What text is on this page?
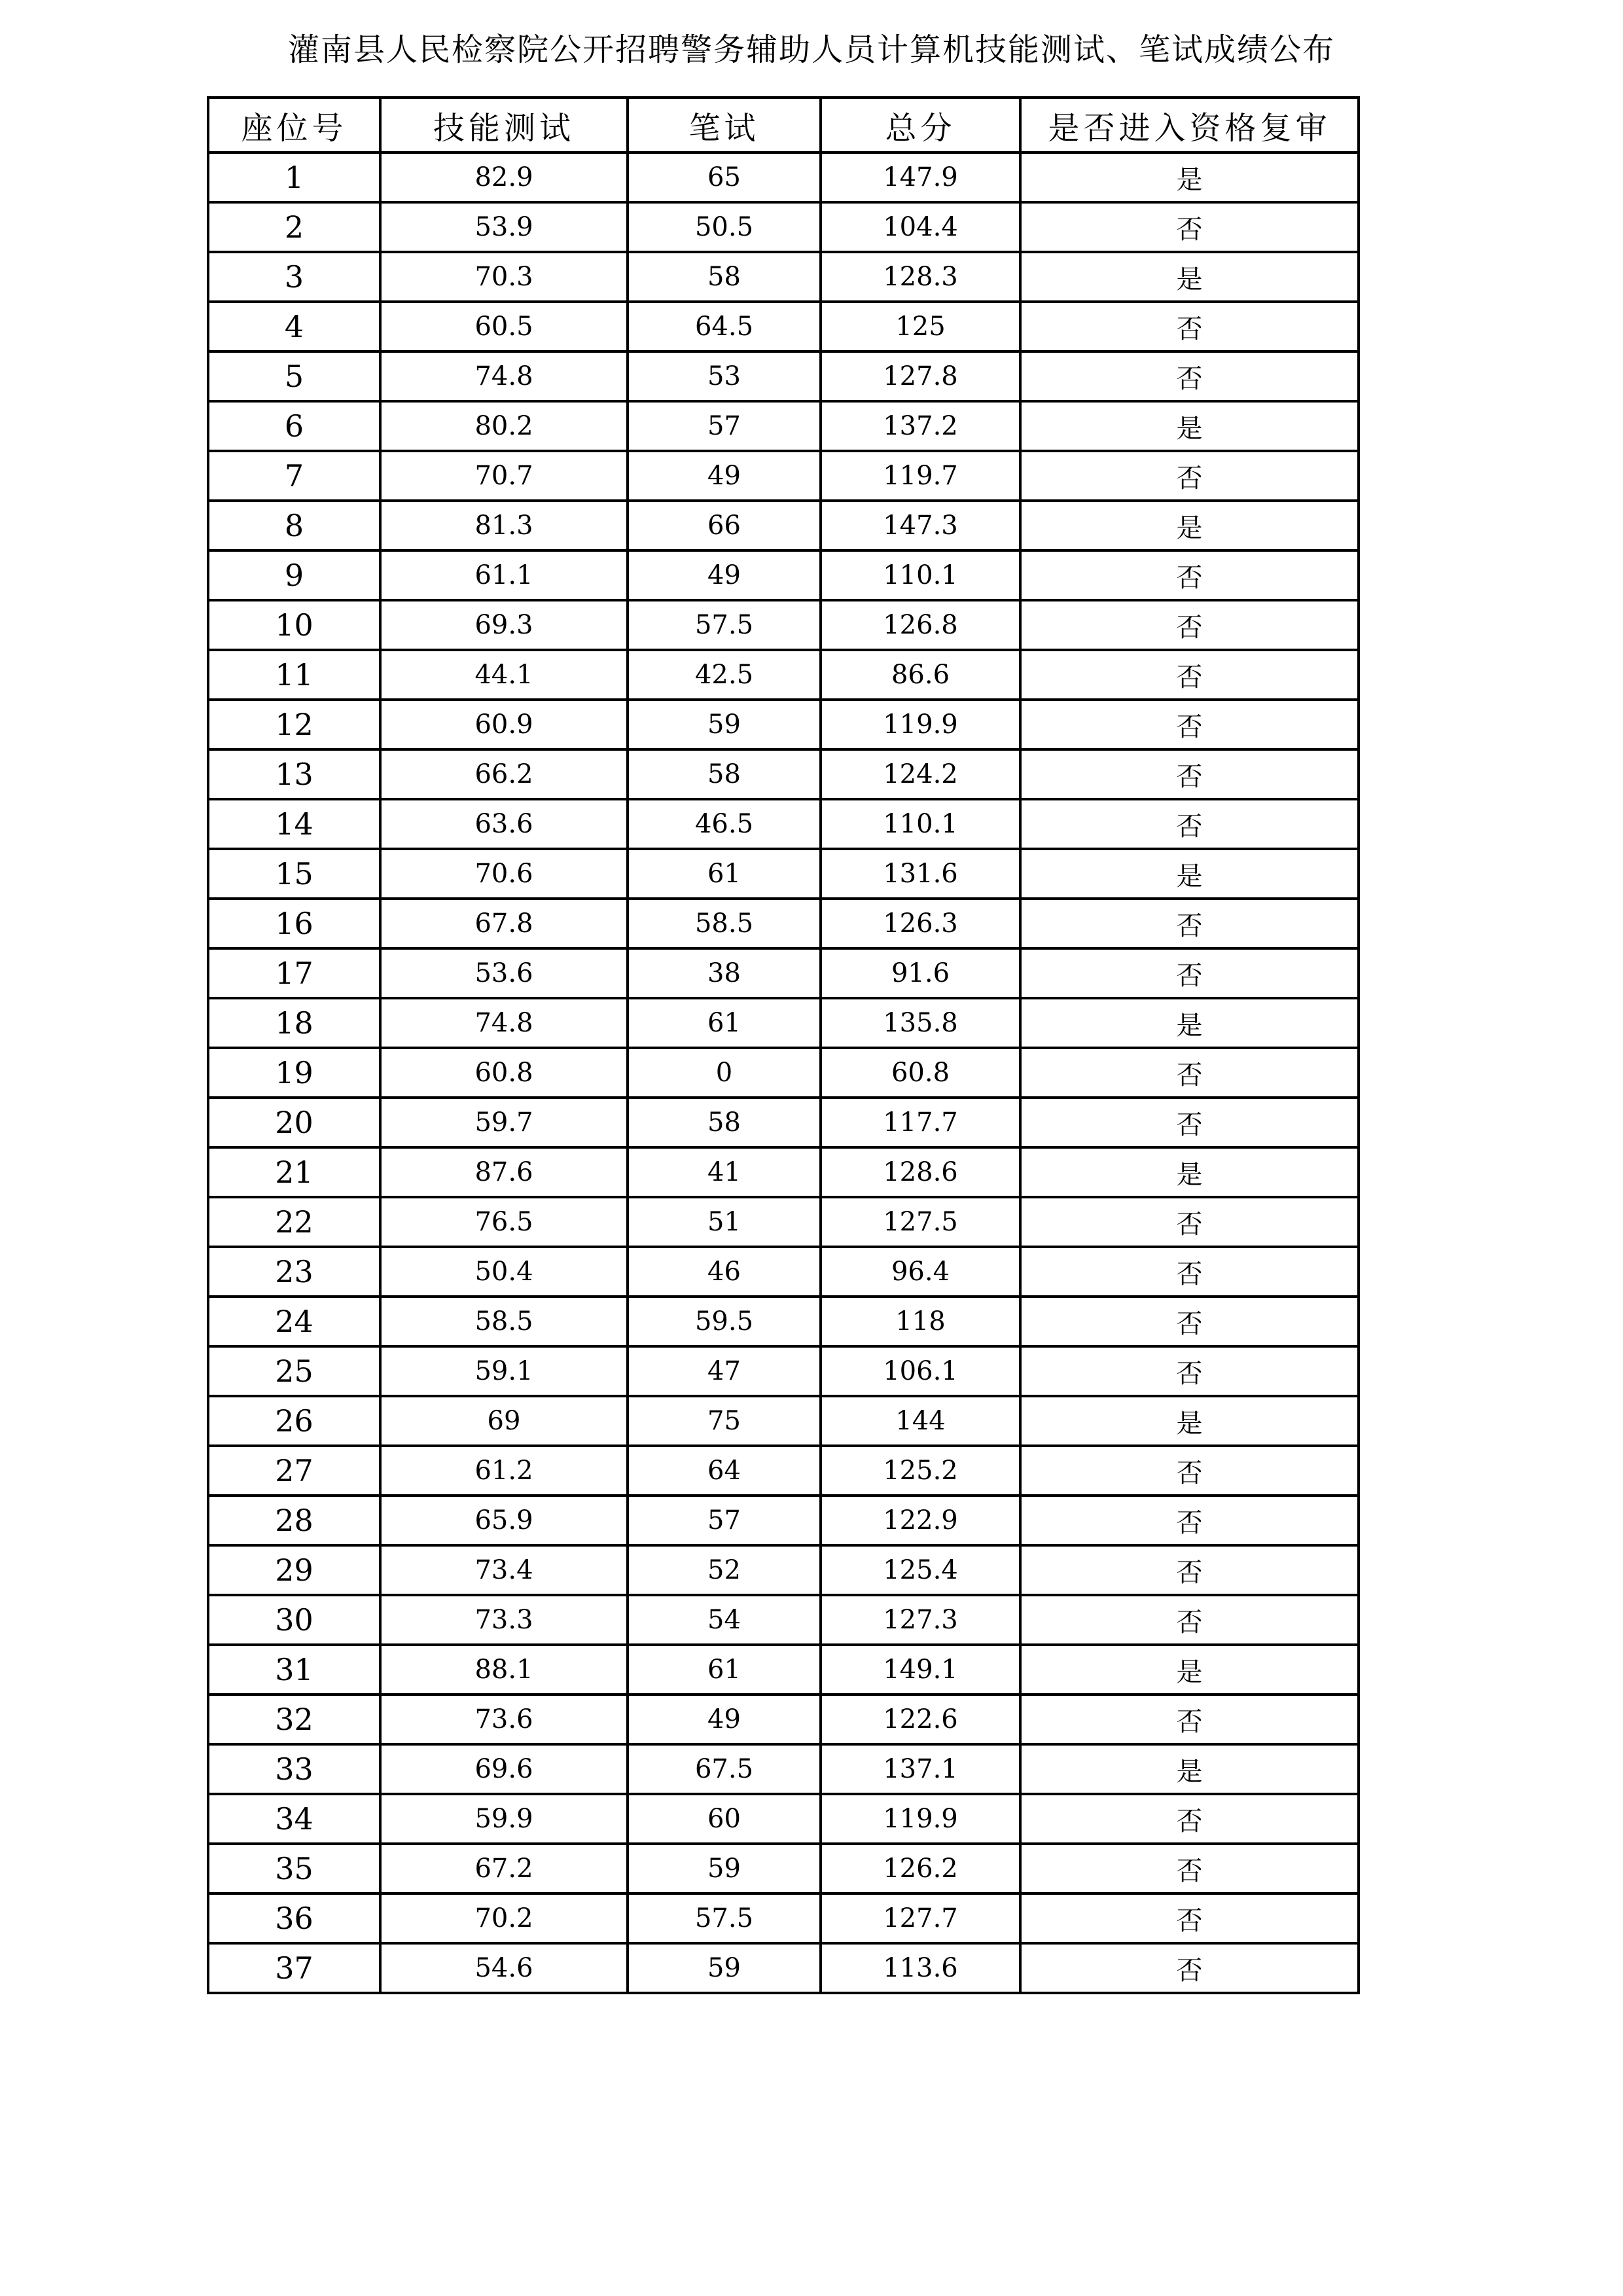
灌南县人民检察院公开招聘警务辅助人员计算机技能测试、笔试成绩公布
座位号	技能测试	笔试	总分	是否进入资格复审
1	82.9	65	147.9	是
2	53.9	50.5	104.4	否
3	70.3	58	128.3	是
4	60.5	64.5	125	否
5	74.8	53	127.8	否
6	80.2	57	137.2	是
7	70.7	49	119.7	否
8	81.3	66	147.3	是
9	61.1	49	110.1	否
10	69.3	57.5	126.8	否
11	44.1	42.5	86.6	否
12	60.9	59	119.9	否
13	66.2	58	124.2	否
14	63.6	46.5	110.1	否
15	70.6	61	131.6	是
16	67.8	58.5	126.3	否
17	53.6	38	91.6	否
18	74.8	61	135.8	是
19	60.8	0	60.8	否
20	59.7	58	117.7	否
21	87.6	41	128.6	是
22	76.5	51	127.5	否
23	50.4	46	96.4	否
24	58.5	59.5	118	否
25	59.1	47	106.1	否
26	69	75	144	是
27	61.2	64	125.2	否
28	65.9	57	122.9	否
29	73.4	52	125.4	否
30	73.3	54	127.3	否
31	88.1	61	149.1	是
32	73.6	49	122.6	否
33	69.6	67.5	137.1	是
34	59.9	60	119.9	否
35	67.2	59	126.2	否
36	70.2	57.5	127.7	否
37	54.6	59	113.6	否
